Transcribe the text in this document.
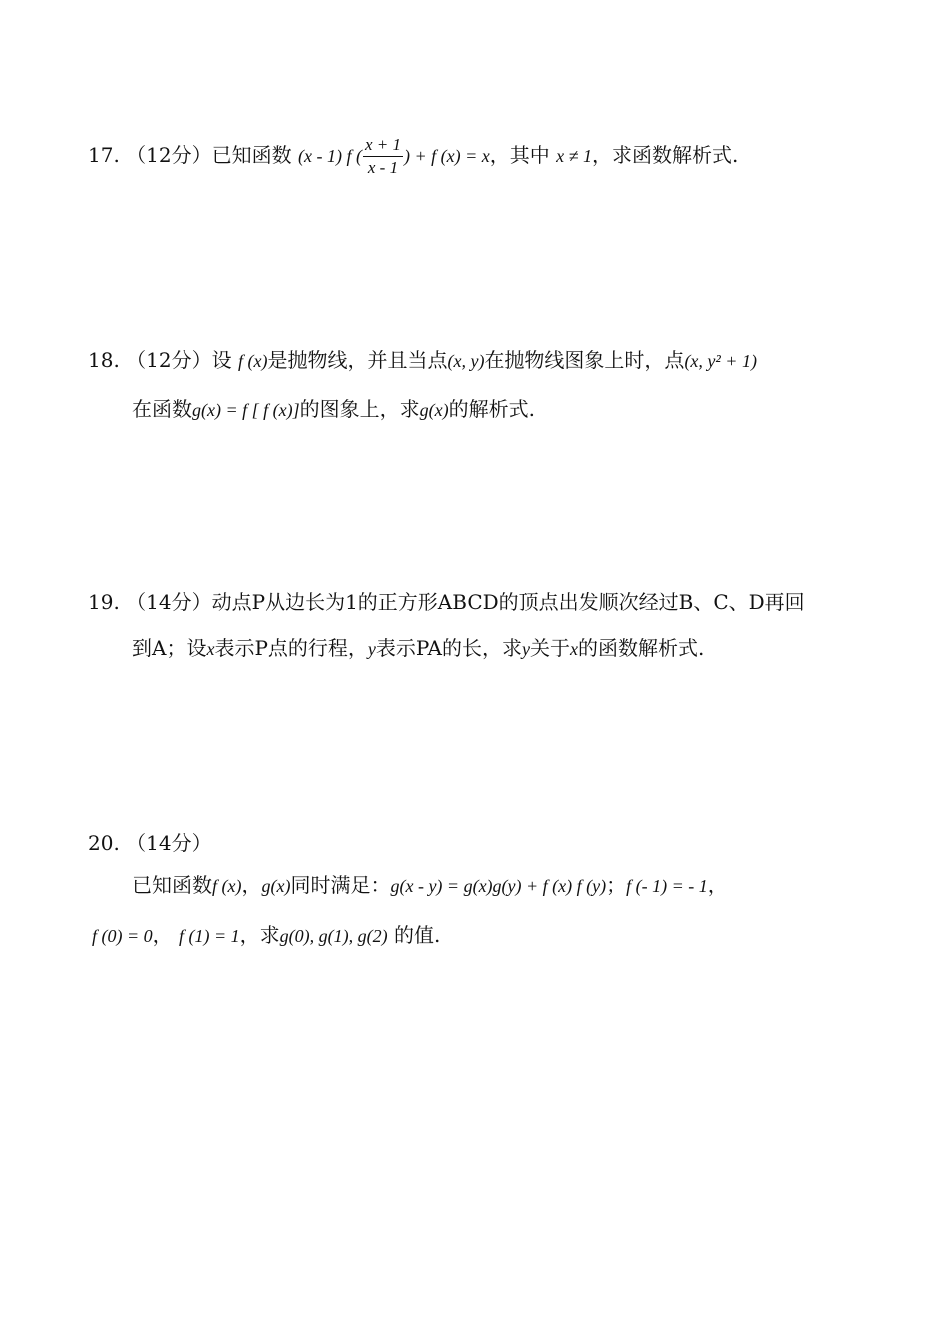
17. （12分）已知函数 (x - 1) f ( $\frac{x + 1}{x - 1}$ ) + f (x) = x，其中 x ≠ 1，求函数解析式.
18. （12分）设 f (x)是抛物线，并且当点(x, y)在抛物线图象上时，点(x, y² + 1)
在函数g(x) = f [ f (x)]的图象上，求g(x)的解析式.
19. （14分）动点P从边长为1的正方形ABCD的顶点出发顺次经过B、C、D再回
到A；设x表示P点的行程，y表示PA的长，求y关于x的函数解析式.
20. （14分）
已知函数f (x)，g(x)同时满足：g(x - y) = g(x)g(y) + f (x) f (y)；f (- 1) = - 1，
f (0) = 0， f (1) = 1，求g(0), g(1), g(2) 的值.
